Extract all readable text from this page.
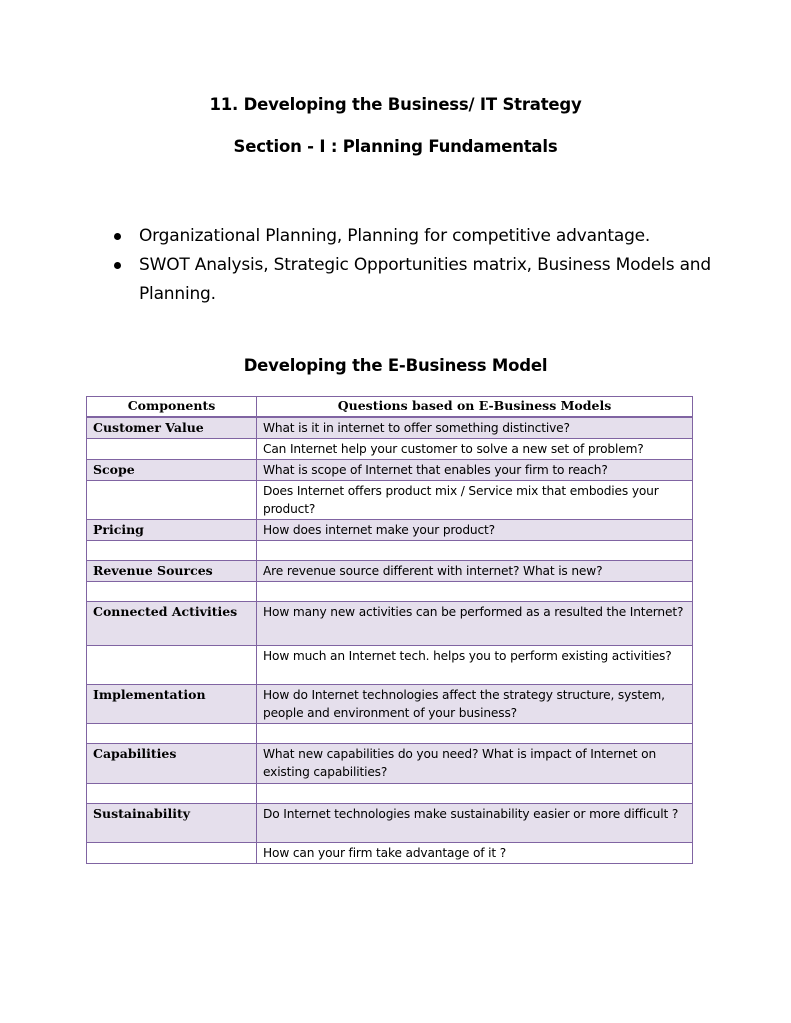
11. Developing the Business/ IT Strategy
Section - I : Planning Fundamentals
Organizational Planning, Planning for competitive advantage.
SWOT Analysis, Strategic Opportunities matrix, Business Models and Planning.
Developing the E-Business Model
Components	Questions based on E-Business Models
Customer Value	What is it in internet to offer something distinctive?
	Can Internet help your customer to solve a new set of problem?
Scope	What is scope of Internet that enables your firm to reach?
	Does Internet offers product mix / Service mix that embodies your product?
Pricing	How does internet make your product?

Revenue Sources	Are revenue source different with internet? What is new?

Connected Activities	How many new activities can be performed as a resulted the Internet?
	How much an Internet tech. helps you to perform existing activities?
Implementation	How do Internet technologies affect the strategy structure, system, people and environment of your business?

Capabilities	What new capabilities do you need? What is impact of Internet on existing capabilities?

Sustainability	Do Internet technologies make sustainability easier or more difficult ?
	How can your firm take advantage of it ?
